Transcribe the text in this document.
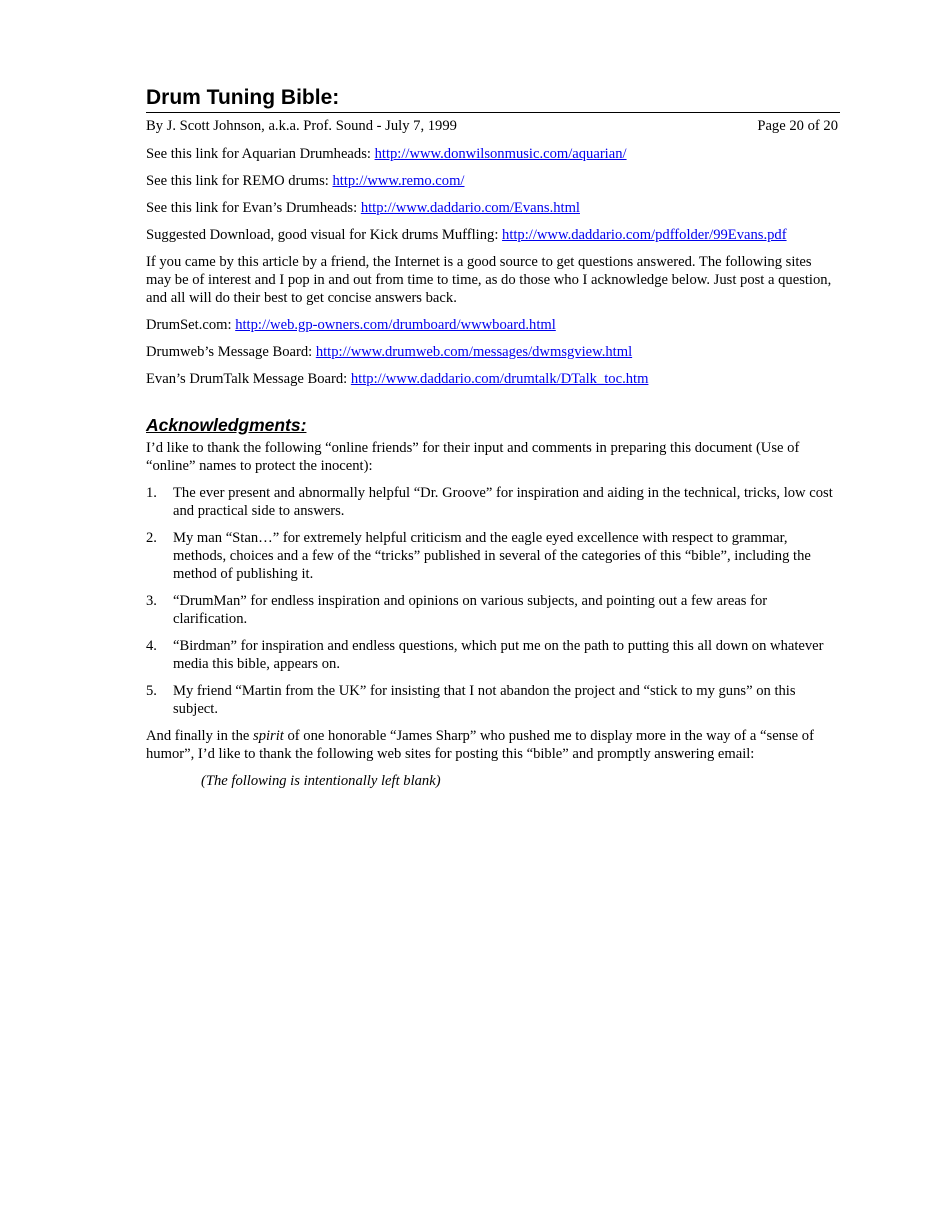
Drum Tuning Bible:
By J. Scott Johnson, a.k.a. Prof. Sound - July 7, 1999	Page 20 of 20

See this link for Aquarian Drumheads: http://www.donwilsonmusic.com/aquarian/

See this link for REMO drums: http://www.remo.com/

See this link for Evan’s Drumheads: http://www.daddario.com/Evans.html

Suggested Download, good visual for Kick drums Muffling: http://www.daddario.com/pdffolder/99Evans.pdf

If you came by this article by a friend, the Internet is a good source to get questions answered. The following sites may be of interest and I pop in and out from time to time, as do those who I acknowledge below. Just post a question, and all will do their best to get concise answers back.

DrumSet.com: http://web.gp-owners.com/drumboard/wwwboard.html

Drumweb’s Message Board: http://www.drumweb.com/messages/dwmsgview.html

Evan’s DrumTalk Message Board: http://www.daddario.com/drumtalk/DTalk_toc.htm

Acknowledgments:

I’d like to thank the following “online friends” for their input and comments in preparing this document (Use of “online” names to protect the inocent):

1. The ever present and abnormally helpful “Dr. Groove” for inspiration and aiding in the technical, tricks, low cost and practical side to answers.
2. My man “Stan…” for extremely helpful criticism and the eagle eyed excellence with respect to grammar, methods, choices and a few of the “tricks” published in several of the categories of this “bible”, including the method of publishing it.
3. “DrumMan” for endless inspiration and opinions on various subjects, and pointing out a few areas for clarification.
4. “Birdman” for inspiration and endless questions, which put me on the path to putting this all down on whatever media this bible, appears on.
5. My friend “Martin from the UK” for insisting that I not abandon the project and “stick to my guns” on this subject.

And finally in the spirit of one honorable “James Sharp” who pushed me to display more in the way of a “sense of humor”, I’d like to thank the following web sites for posting this “bible” and promptly answering email:

(The following is intentionally left blank)
